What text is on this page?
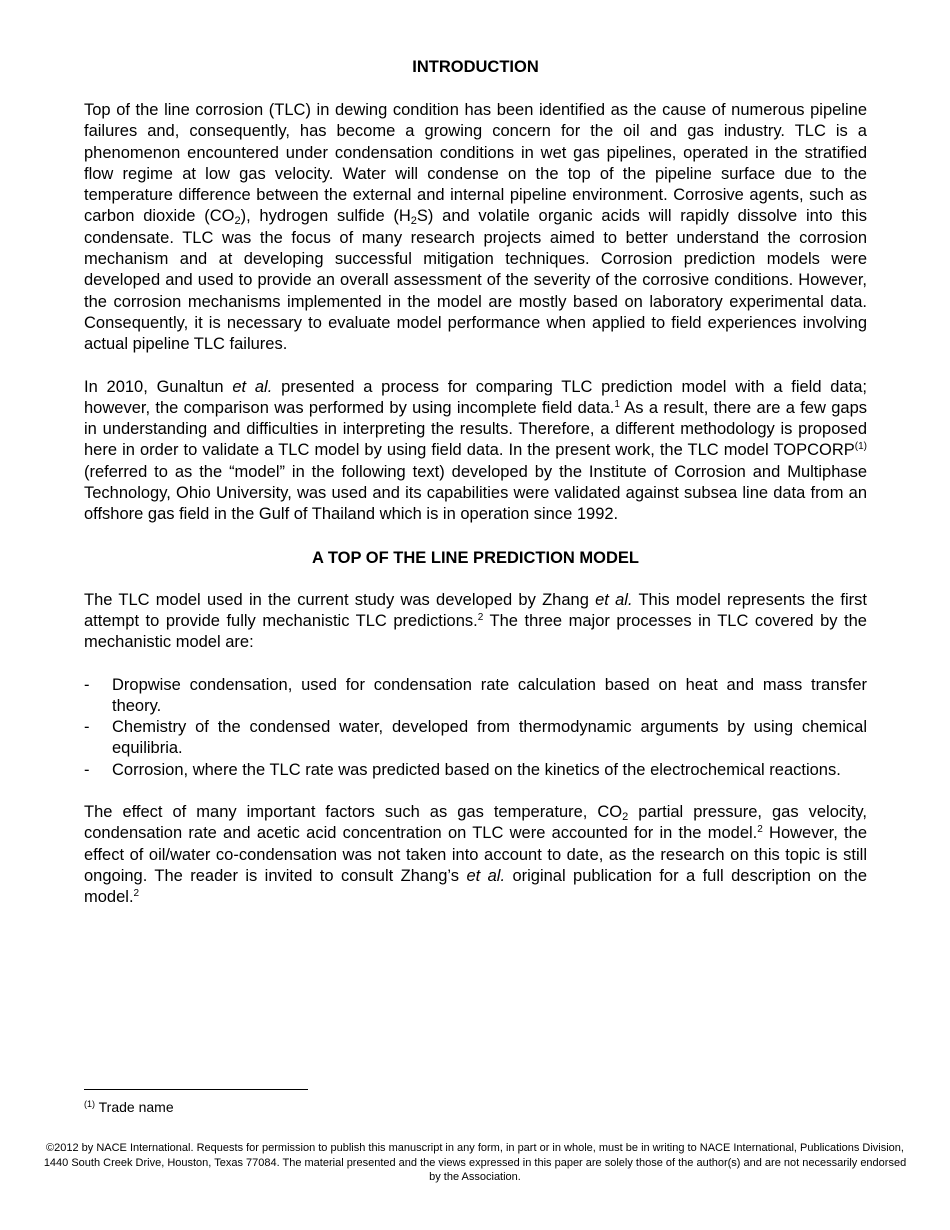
INTRODUCTION

Top of the line corrosion (TLC) in dewing condition has been identified as the cause of numerous pipeline failures and, consequently, has become a growing concern for the oil and gas industry. TLC is a phenomenon encountered under condensation conditions in wet gas pipelines, operated in the stratified flow regime at low gas velocity. Water will condense on the top of the pipeline surface due to the temperature difference between the external and internal pipeline environment. Corrosive agents, such as carbon dioxide $(CO_2)$, hydrogen sulfide $(H_2S)$ and volatile organic acids will rapidly dissolve into this condensate. TLC was the focus of many research projects aimed to better understand the corrosion mechanism and at developing successful mitigation techniques. Corrosion prediction models were developed and used to provide an overall assessment of the severity of the corrosive conditions. However, the corrosion mechanisms implemented in the model are mostly based on laboratory experimental data. Consequently, it is necessary to evaluate model performance when applied to field experiences involving actual pipeline TLC failures.

In 2010, Gunaltun et al. presented a process for comparing TLC prediction model with a field data; however, the comparison was performed by using incomplete field data.$^1$ As a result, there are a few gaps in understanding and difficulties in interpreting the results. Therefore, a different methodology is proposed here in order to validate a TLC model by using field data. In the present work, the TLC model TOPCORP$^{(1)}$ (referred to as the “model” in the following text) developed by the Institute of Corrosion and Multiphase Technology, Ohio University, was used and its capabilities were validated against subsea line data from an offshore gas field in the Gulf of Thailand which is in operation since 1992.

A TOP OF THE LINE PREDICTION MODEL

The TLC model used in the current study was developed by Zhang et al. This model represents the first attempt to provide fully mechanistic TLC predictions.$^2$ The three major processes in TLC covered by the mechanistic model are:

- Dropwise condensation, used for condensation rate calculation based on heat and mass transfer theory.
- Chemistry of the condensed water, developed from thermodynamic arguments by using chemical equilibria.
- Corrosion, where the TLC rate was predicted based on the kinetics of the electrochemical reactions.

The effect of many important factors such as gas temperature, $CO_2$ partial pressure, gas velocity, condensation rate and acetic acid concentration on TLC were accounted for in the model.$^2$ However, the effect of oil/water co-condensation was not taken into account to date, as the research on this topic is still ongoing. The reader is invited to consult Zhang’s et al. original publication for a full description on the model.$^2$

$^{(1)}$ Trade name
©2012 by NACE International. Requests for permission to publish this manuscript in any form, in part or in whole, must be in writing to NACE International, Publications Division, 1440 South Creek Drive, Houston, Texas 77084. The material presented and the views expressed in this paper are solely those of the author(s) and are not necessarily endorsed by the Association.
